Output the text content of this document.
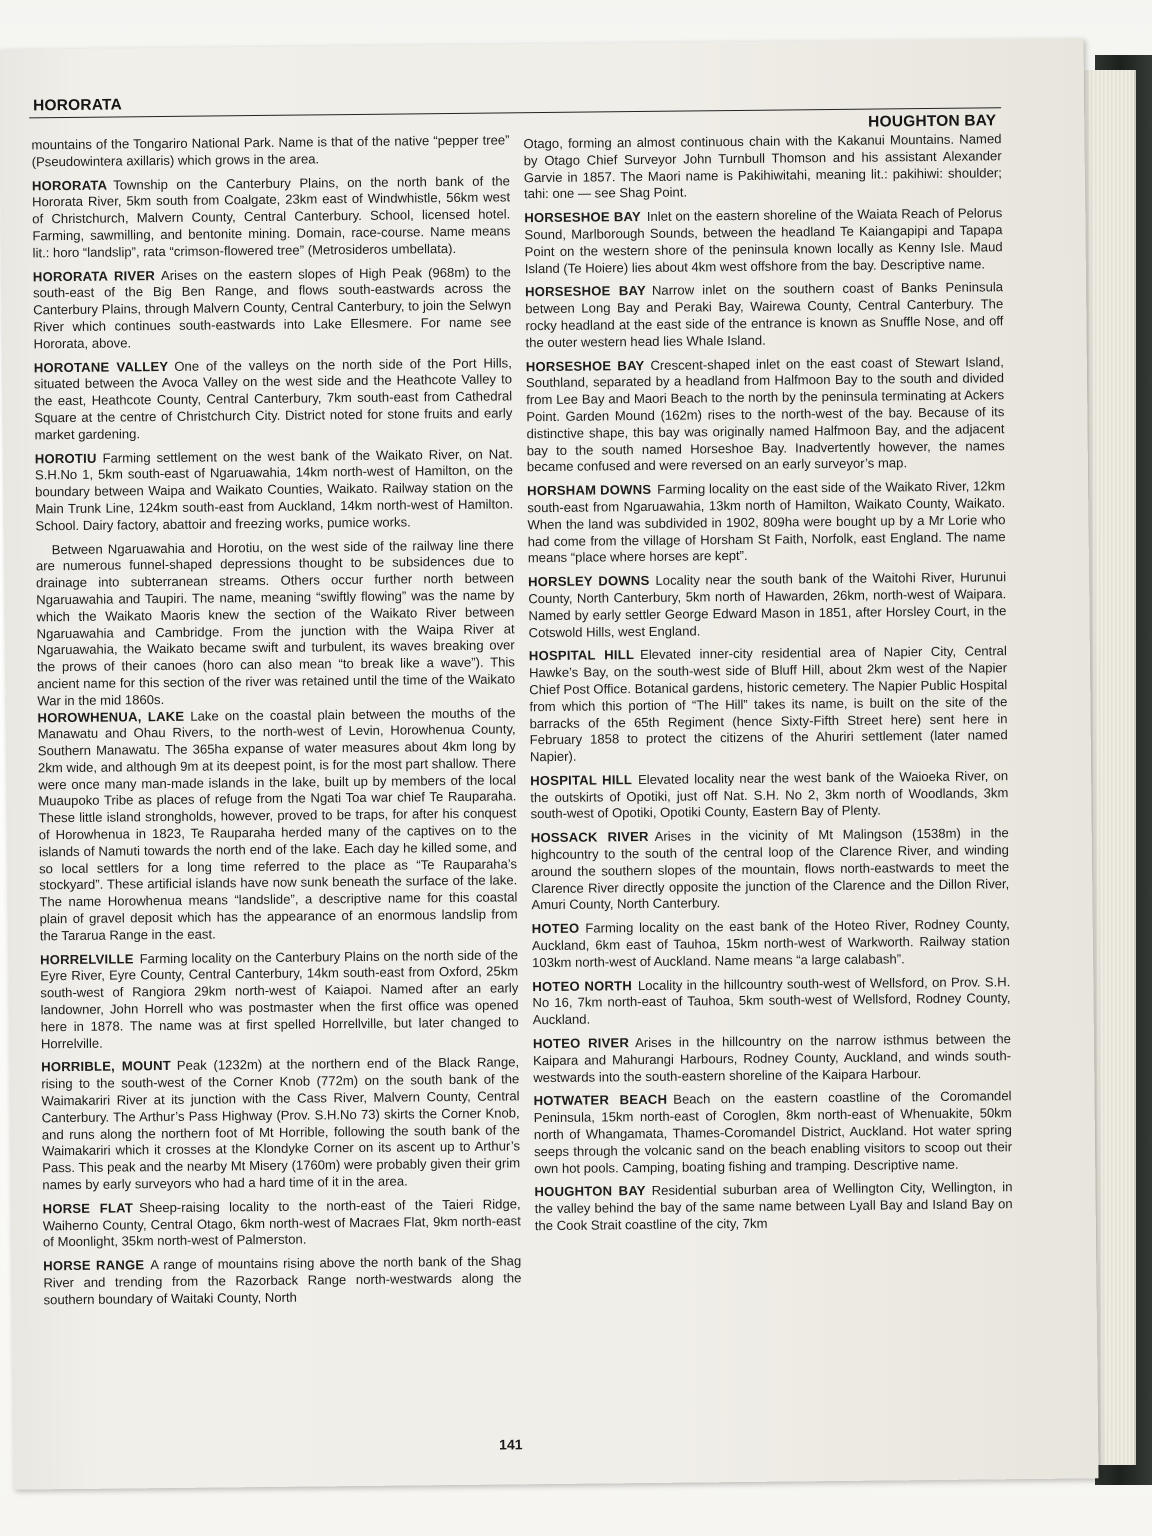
HORORATA
HOUGHTON BAY

mountains of the Tongariro National Park. Name is that of the native “pepper tree” (Pseudowintera axillaris) which grows in the area.

HORORATA Township on the Canterbury Plains, on the north bank of the Hororata River, 5km south from Coalgate, 23km east of Windwhistle, 56km west of Christchurch, Malvern County, Central Canterbury. School, licensed hotel. Farming, sawmilling, and bentonite mining. Domain, race-course. Name means lit.: horo “landslip”, rata “crimson-flowered tree” (Metrosideros umbellata).

HORORATA RIVER Arises on the eastern slopes of High Peak (968m) to the south-east of the Big Ben Range, and flows south-eastwards across the Canterbury Plains, through Malvern County, Central Canterbury, to join the Selwyn River which continues south-eastwards into Lake Ellesmere. For name see Hororata, above.

HOROTANE VALLEY One of the valleys on the north side of the Port Hills, situated between the Avoca Valley on the west side and the Heathcote Valley to the east, Heathcote County, Central Canterbury, 7km south-east from Cathedral Square at the centre of Christchurch City. District noted for stone fruits and early market gardening.

HOROTIU Farming settlement on the west bank of the Waikato River, on Nat. S.H.No 1, 5km south-east of Ngaruawahia, 14km north-west of Hamilton, on the boundary between Waipa and Waikato Counties, Waikato. Railway station on the Main Trunk Line, 124km south-east from Auckland, 14km north-west of Hamilton. School. Dairy factory, abattoir and freezing works, pumice works.

Between Ngaruawahia and Horotiu, on the west side of the railway line there are numerous funnel-shaped depressions thought to be subsidences due to drainage into subterranean streams. Others occur further north between Ngaruawahia and Taupiri. The name, meaning “swiftly flowing” was the name by which the Waikato Maoris knew the section of the Waikato River between Ngaruawahia and Cambridge. From the junction with the Waipa River at Ngaruawahia, the Waikato became swift and turbulent, its waves breaking over the prows of their canoes (horo can also mean “to break like a wave”). This ancient name for this section of the river was retained until the time of the Waikato War in the mid 1860s.

HOROWHENUA, LAKE Lake on the coastal plain between the mouths of the Manawatu and Ohau Rivers, to the north-west of Levin, Horowhenua County, Southern Manawatu. The 365ha expanse of water measures about 4km long by 2km wide, and although 9m at its deepest point, is for the most part shallow. There were once many man-made islands in the lake, built up by members of the local Muaupoko Tribe as places of refuge from the Ngati Toa war chief Te Rauparaha. These little island strongholds, however, proved to be traps, for after his conquest of Horowhenua in 1823, Te Rauparaha herded many of the captives on to the islands of Namuti towards the north end of the lake. Each day he killed some, and so local settlers for a long time referred to the place as “Te Rauparaha’s stockyard”. These artificial islands have now sunk beneath the surface of the lake. The name Horowhenua means “landslide”, a descriptive name for this coastal plain of gravel deposit which has the appearance of an enormous landslip from the Tararua Range in the east.

HORRELVILLE Farming locality on the Canterbury Plains on the north side of the Eyre River, Eyre County, Central Canterbury, 14km south-east from Oxford, 25km south-west of Rangiora 29km north-west of Kaiapoi. Named after an early landowner, John Horrell who was postmaster when the first office was opened here in 1878. The name was at first spelled Horrellville, but later changed to Horrelville.

HORRIBLE, MOUNT Peak (1232m) at the northern end of the Black Range, rising to the south-west of the Corner Knob (772m) on the south bank of the Waimakariri River at its junction with the Cass River, Malvern County, Central Canterbury. The Arthur’s Pass Highway (Prov. S.H.No 73) skirts the Corner Knob, and runs along the northern foot of Mt Horrible, following the south bank of the Waimakariri which it crosses at the Klondyke Corner on its ascent up to Arthur’s Pass. This peak and the nearby Mt Misery (1760m) were probably given their grim names by early surveyors who had a hard time of it in the area.

HORSE FLAT Sheep-raising locality to the north-east of the Taieri Ridge, Waiherno County, Central Otago, 6km north-west of Macraes Flat, 9km north-east of Moonlight, 35km north-west of Palmerston.

HORSE RANGE A range of mountains rising above the north bank of the Shag River and trending from the Razorback Range north-westwards along the southern boundary of Waitaki County, North

Otago, forming an almost continuous chain with the Kakanui Mountains. Named by Otago Chief Surveyor John Turnbull Thomson and his assistant Alexander Garvie in 1857. The Maori name is Pakihiwitahi, meaning lit.: pakihiwi: shoulder; tahi: one — see Shag Point.

HORSESHOE BAY Inlet on the eastern shoreline of the Waiata Reach of Pelorus Sound, Marlborough Sounds, between the headland Te Kaiangapipi and Tapapa Point on the western shore of the peninsula known locally as Kenny Isle. Maud Island (Te Hoiere) lies about 4km west offshore from the bay. Descriptive name.

HORSESHOE BAY Narrow inlet on the southern coast of Banks Peninsula between Long Bay and Peraki Bay, Wairewa County, Central Canterbury. The rocky headland at the east side of the entrance is known as Snuffle Nose, and off the outer western head lies Whale Island.

HORSESHOE BAY Crescent-shaped inlet on the east coast of Stewart Island, Southland, separated by a headland from Halfmoon Bay to the south and divided from Lee Bay and Maori Beach to the north by the peninsula terminating at Ackers Point. Garden Mound (162m) rises to the north-west of the bay. Because of its distinctive shape, this bay was originally named Halfmoon Bay, and the adjacent bay to the south named Horseshoe Bay. Inadvertently however, the names became confused and were reversed on an early surveyor’s map.

HORSHAM DOWNS Farming locality on the east side of the Waikato River, 12km south-east from Ngaruawahia, 13km north of Hamilton, Waikato County, Waikato. When the land was subdivided in 1902, 809ha were bought up by a Mr Lorie who had come from the village of Horsham St Faith, Norfolk, east England. The name means “place where horses are kept”.

HORSLEY DOWNS Locality near the south bank of the Waitohi River, Hurunui County, North Canterbury, 5km north of Hawarden, 26km, north-west of Waipara. Named by early settler George Edward Mason in 1851, after Horsley Court, in the Cotswold Hills, west England.

HOSPITAL HILL Elevated inner-city residential area of Napier City, Central Hawke’s Bay, on the south-west side of Bluff Hill, about 2km west of the Napier Chief Post Office. Botanical gardens, historic cemetery. The Napier Public Hospital from which this portion of “The Hill” takes its name, is built on the site of the barracks of the 65th Regiment (hence Sixty-Fifth Street here) sent here in February 1858 to protect the citizens of the Ahuriri settlement (later named Napier).

HOSPITAL HILL Elevated locality near the west bank of the Waioeka River, on the outskirts of Opotiki, just off Nat. S.H. No 2, 3km north of Woodlands, 3km south-west of Opotiki, Opotiki County, Eastern Bay of Plenty.

HOSSACK RIVER Arises in the vicinity of Mt Malingson (1538m) in the highcountry to the south of the central loop of the Clarence River, and winding around the southern slopes of the mountain, flows north-eastwards to meet the Clarence River directly opposite the junction of the Clarence and the Dillon River, Amuri County, North Canterbury.

HOTEO Farming locality on the east bank of the Hoteo River, Rodney County, Auckland, 6km east of Tauhoa, 15km north-west of Warkworth. Railway station 103km north-west of Auckland. Name means “a large calabash”.

HOTEO NORTH Locality in the hillcountry south-west of Wellsford, on Prov. S.H. No 16, 7km north-east of Tauhoa, 5km south-west of Wellsford, Rodney County, Auckland.

HOTEO RIVER Arises in the hillcountry on the narrow isthmus between the Kaipara and Mahurangi Harbours, Rodney County, Auckland, and winds south-westwards into the south-eastern shoreline of the Kaipara Harbour.

HOTWATER BEACH Beach on the eastern coastline of the Coromandel Peninsula, 15km north-east of Coroglen, 8km north-east of Whenuakite, 50km north of Whangamata, Thames-Coromandel District, Auckland. Hot water spring seeps through the volcanic sand on the beach enabling visitors to scoop out their own hot pools. Camping, boating fishing and tramping. Descriptive name.

HOUGHTON BAY Residential suburban area of Wellington City, Wellington, in the valley behind the bay of the same name between Lyall Bay and Island Bay on the Cook Strait coastline of the city, 7km

141
